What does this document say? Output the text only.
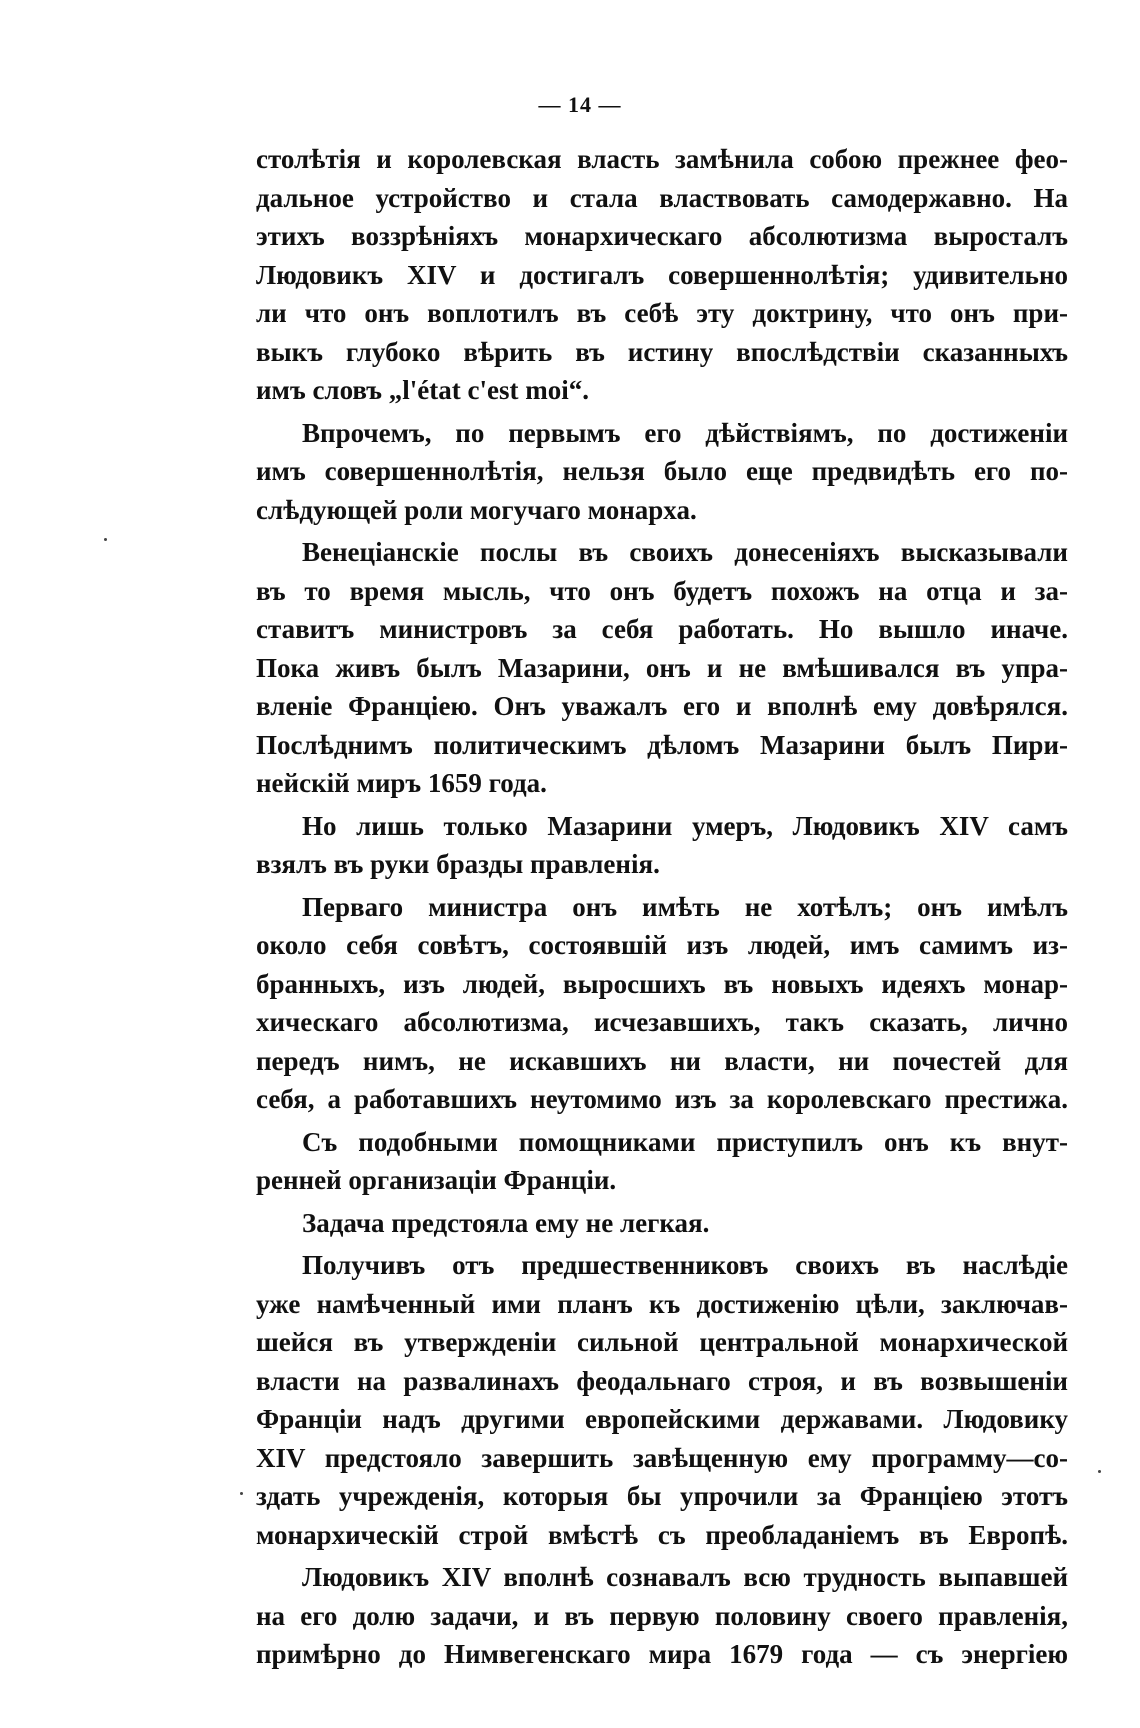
— 14 —

столѣтія и королевская власть замѣнила собою прежнее фео-
дальное устройство и стала властвовать самодержавно. На
этихъ воззрѣніяхъ монархическаго абсолютизма выросталъ
Людовикъ XIV и достигалъ совершеннолѣтія; удивительно
ли что онъ воплотилъ въ себѣ эту доктрину, что онъ при-
выкъ глубоко вѣрить въ истину впослѣдствіи сказанныхъ
имъ словъ „l'état c'est moi“.

Впрочемъ, по первымъ его дѣйствіямъ, по достиженіи
имъ совершеннолѣтія, нельзя было еще предвидѣть его по-
слѣдующей роли могучаго монарха.

Венеціанскіе послы въ своихъ донесеніяхъ высказывали
въ то время мысль, что онъ будетъ похожъ на отца и за-
ставитъ министровъ за себя работать. Но вышло иначе.
Пока живъ былъ Мазарини, онъ и не вмѣшивался въ упра-
вленіе Франціею. Онъ уважалъ его и вполнѣ ему довѣрялся.
Послѣднимъ политическимъ дѣломъ Мазарини былъ Пири-
нейскій миръ 1659 года.

Но лишь только Мазарини умеръ, Людовикъ XIV самъ
взялъ въ руки бразды правленія.

Перваго министра онъ имѣть не хотѣлъ; онъ имѣлъ
около себя совѣтъ, состоявшій изъ людей, имъ самимъ из-
бранныхъ, изъ людей, выросшихъ въ новыхъ идеяхъ монар-
хическаго абсолютизма, исчезавшихъ, такъ сказать, лично
передъ нимъ, не искавшихъ ни власти, ни почестей для
себя, а работавшихъ неутомимо изъ за королевскаго престижа.

Съ подобными помощниками приступилъ онъ къ внут-
ренней организаціи Франціи.

Задача предстояла ему не легкая.

Получивъ отъ предшественниковъ своихъ въ наслѣдіе
уже намѣченный ими планъ къ достиженію цѣли, заключав-
шейся въ утвержденіи сильной центральной монархической
власти на развалинахъ феодальнаго строя, и въ возвышеніи
Франціи надъ другими европейскими державами. Людовику
XIV предстояло завершить завѣщенную ему программу—со-
здать учрежденія, которыя бы упрочили за Франціею этотъ
монархическій строй вмѣстѣ съ преобладаніемъ въ Европѣ.

Людовикъ XIV вполнѣ сознавалъ всю трудность выпавшей
на его долю задачи, и въ первую половину своего правленія,
примѣрно до Нимвегенскаго мира 1679 года — съ энергіею
